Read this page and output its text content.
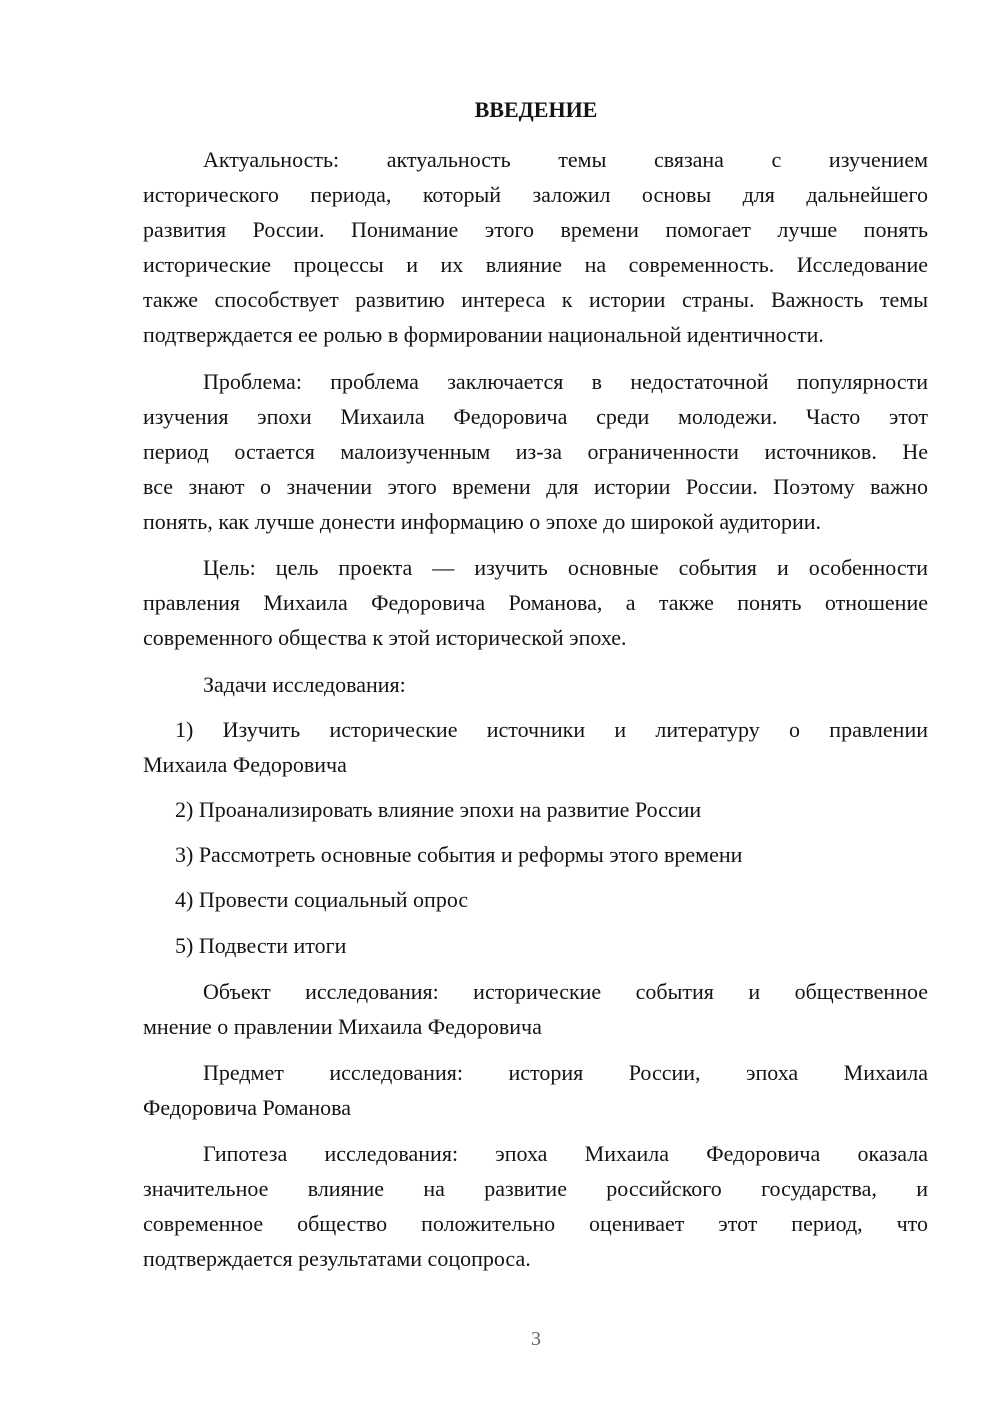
ВВЕДЕНИЕ
Актуальность: актуальность темы связана с изучением
исторического периода, который заложил основы для дальнейшего
развития России. Понимание этого времени помогает лучше понять
исторические процессы и их влияние на современность. Исследование
также способствует развитию интереса к истории страны. Важность темы
подтверждается ее ролью в формировании национальной идентичности.
Проблема: проблема заключается в недостаточной популярности
изучения эпохи Михаила Федоровича среди молодежи. Часто этот
период остается малоизученным из-за ограниченности источников. Не
все знают о значении этого времени для истории России. Поэтому важно
понять, как лучше донести информацию о эпохе до широкой аудитории.
Цель: цель проекта — изучить основные события и особенности
правления Михаила Федоровича Романова, а также понять отношение
современного общества к этой исторической эпохе.
Задачи исследования:
1) Изучить исторические источники и литературу о правлении
Михаила Федоровича
2) Проанализировать влияние эпохи на развитие России
3) Рассмотреть основные события и реформы этого времени
4) Провести социальный опрос
5) Подвести итоги
Объект исследования: исторические события и общественное
мнение о правлении Михаила Федоровича
Предмет исследования: история России, эпоха Михаила
Федоровича Романова
Гипотеза исследования: эпоха Михаила Федоровича оказала
значительное влияние на развитие российского государства, и
современное общество положительно оценивает этот период, что
подтверждается результатами соцопроса.
3
